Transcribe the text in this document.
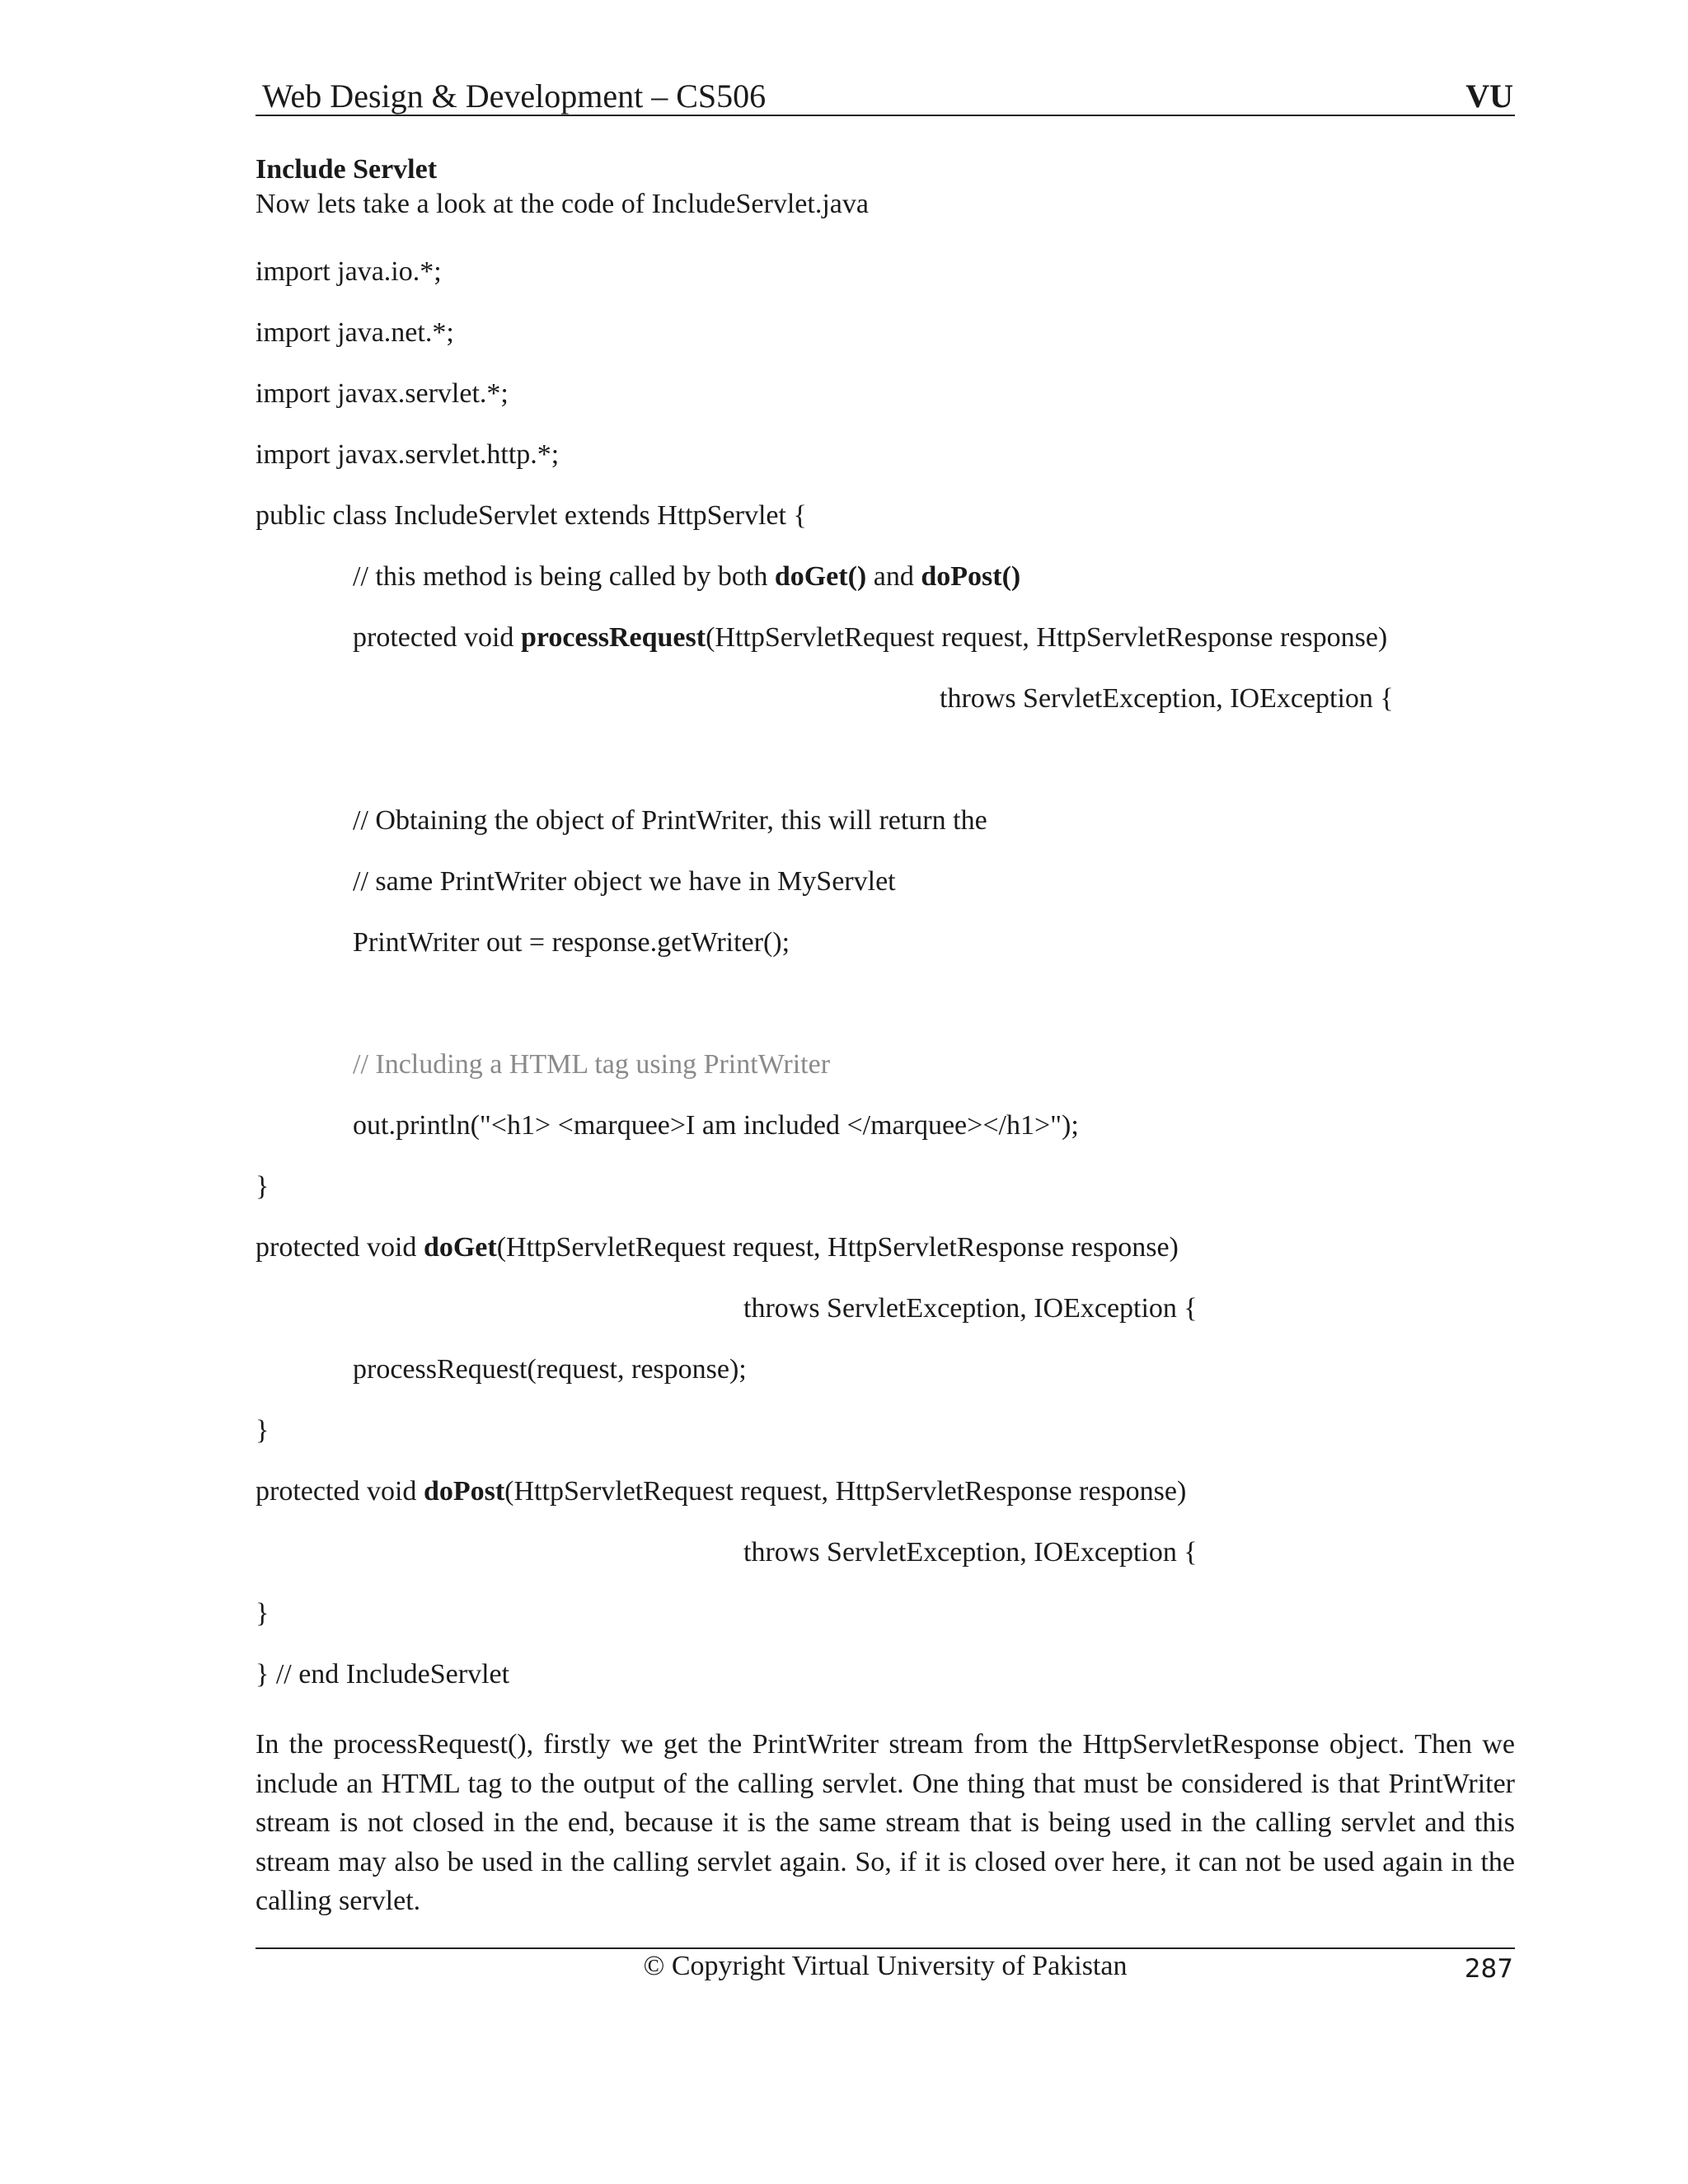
Web Design & Development – CS506	VU
Include Servlet
Now lets take a look at the code of IncludeServlet.java
import java.io.*;
import java.net.*;
import javax.servlet.*;
import javax.servlet.http.*;
public class IncludeServlet extends HttpServlet {
// this method is being called by both doGet() and doPost()
protected void processRequest(HttpServletRequest request, HttpServletResponse response)
throws ServletException, IOException {
// Obtaining the object of PrintWriter, this will return the
// same PrintWriter object we have in MyServlet
PrintWriter out = response.getWriter();
// Including a HTML tag using PrintWriter
out.println("<h1> <marquee>I am included </marquee></h1>");
}
protected void doGet(HttpServletRequest request, HttpServletResponse response)
throws ServletException, IOException {
processRequest(request, response);
}
protected void doPost(HttpServletRequest request, HttpServletResponse response)
throws ServletException, IOException {
}
} // end IncludeServlet
In the processRequest(), firstly we get the PrintWriter stream from the HttpServletResponse object. Then we include an HTML tag to the output of the calling servlet. One thing that must be considered is that PrintWriter stream is not closed in the end, because it is the same stream that is being used in the calling servlet and this stream may also be used in the calling servlet again. So, if it is closed over here, it can not be used again in the calling servlet.
© Copyright Virtual University of Pakistan	287
